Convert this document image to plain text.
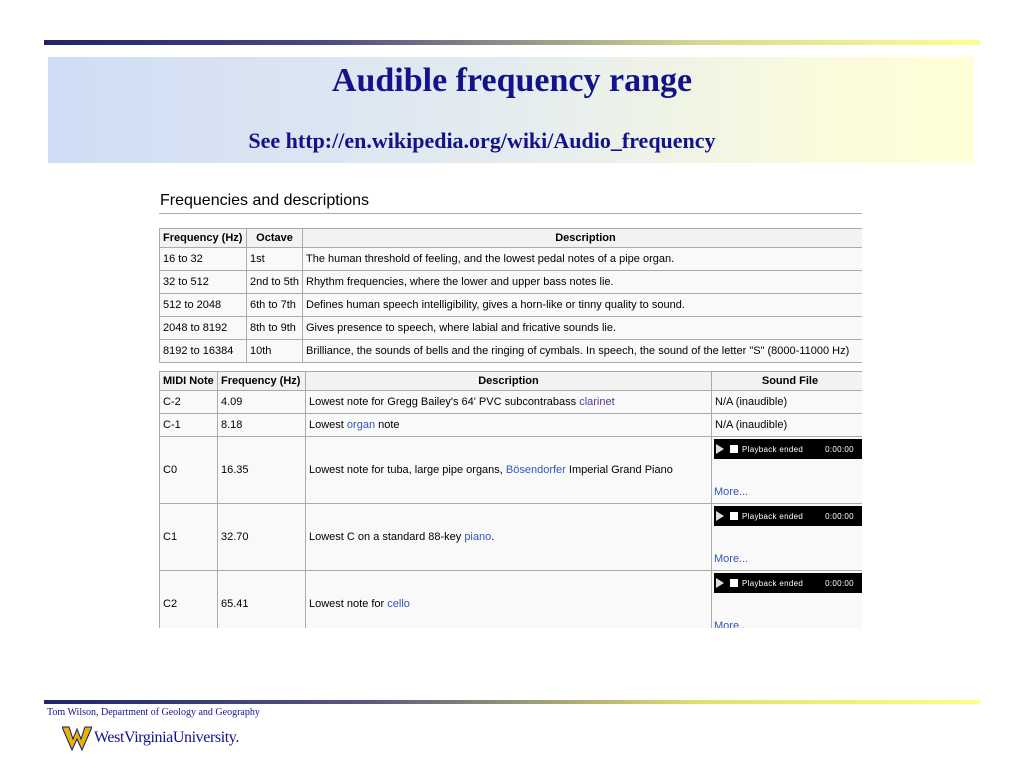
Audible frequency range
See http://en.wikipedia.org/wiki/Audio_frequency
Frequencies and descriptions
Frequency (Hz)	Octave	Description
16 to 32	1st	The human threshold of feeling, and the lowest pedal notes of a pipe organ.
32 to 512	2nd to 5th	Rhythm frequencies, where the lower and upper bass notes lie.
512 to 2048	6th to 7th	Defines human speech intelligibility, gives a horn-like or tinny quality to sound.
2048 to 8192	8th to 9th	Gives presence to speech, where labial and fricative sounds lie.
8192 to 16384	10th	Brilliance, the sounds of bells and the ringing of cymbals. In speech, the sound of the letter "S" (8000-11000 Hz)
MIDI Note	Frequency (Hz)	Description	Sound File
C-2	4.09	Lowest note for Gregg Bailey's 64' PVC subcontrabass clarinet	N/A (inaudible)
C-1	8.18	Lowest organ note	N/A (inaudible)
C0	16.35	Lowest note for tuba, large pipe organs, Bösendorfer Imperial Grand Piano	Playback ended 0:00:00
More...

C1	32.70	Lowest C on a standard 88-key piano.	Playback ended 0:00:00
More...

C2	65.41	Lowest note for cello	Playback ended 0:00:00
More...
Tom Wilson, Department of Geology and Geography
WestVirginiaUniversity.
